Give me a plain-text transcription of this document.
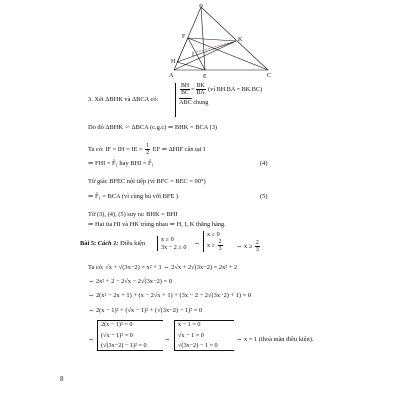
B
F	K
H
I
A	E	C
3. Xét ΔBHK và ΔBCA có:
$\frac{BH}{BC} = \frac{BK}{BA}$ (vì BH.BA = BK.BC)
$\overline{ABC}$ chung
Do đó ΔBHK ∽ ΔBCA (c.g.c) ⇒ BHK = BCA (3)
Ta có: IF = IH = IE = $\frac{1}{2}$ EF ⇒ ΔHIF cân tại I
⇒ FHI = F̂₁ hay BHI = F̂₁	(4)
Từ giác BFEC nội tiếp (vì BFC = BEC = 90°)
⇒ F̂₁ = BCA (vì cùng bù với BFE )	(5)
Từ (3), (4), (5) suy ra: BHK = BHI
⇒ Hai tia HI và HK trùng nhau ⇒ H, I, K thẳng hàng.
Bài 5: Cách 1: Điều kiện
x ≥ 0
3x − 2 ≥ 0 ⇔
x ≥ 0
$x \ge \frac{2}{3}$ ⇔ $x \ge \frac{2}{3}$
Ta có: √x + √(3x−2) = x² + 1 ⇔ 2√x + 2√(3x−2) = 2x² + 2
⇔ 2x² + 2 − 2√x − 2√(3x−2) = 0
⇔ 2(x² − 2x + 1) + (x − 2√x + 1) + (3x − 2 − 2√(3x−2) + 1) = 0
⇔ 2(x − 1)² + (√x − 1)² + (√(3x−2) − 1)² = 0
⇔
2(x − 1)² = 0
(√x − 1)² = 0
(√(3x−2) − 1)² = 0
⇔
x − 1 = 0
√x − 1 = 0
√(3x−2) − 1 = 0
⇔ x = 1 (thoả mãn điều kiện).
8
